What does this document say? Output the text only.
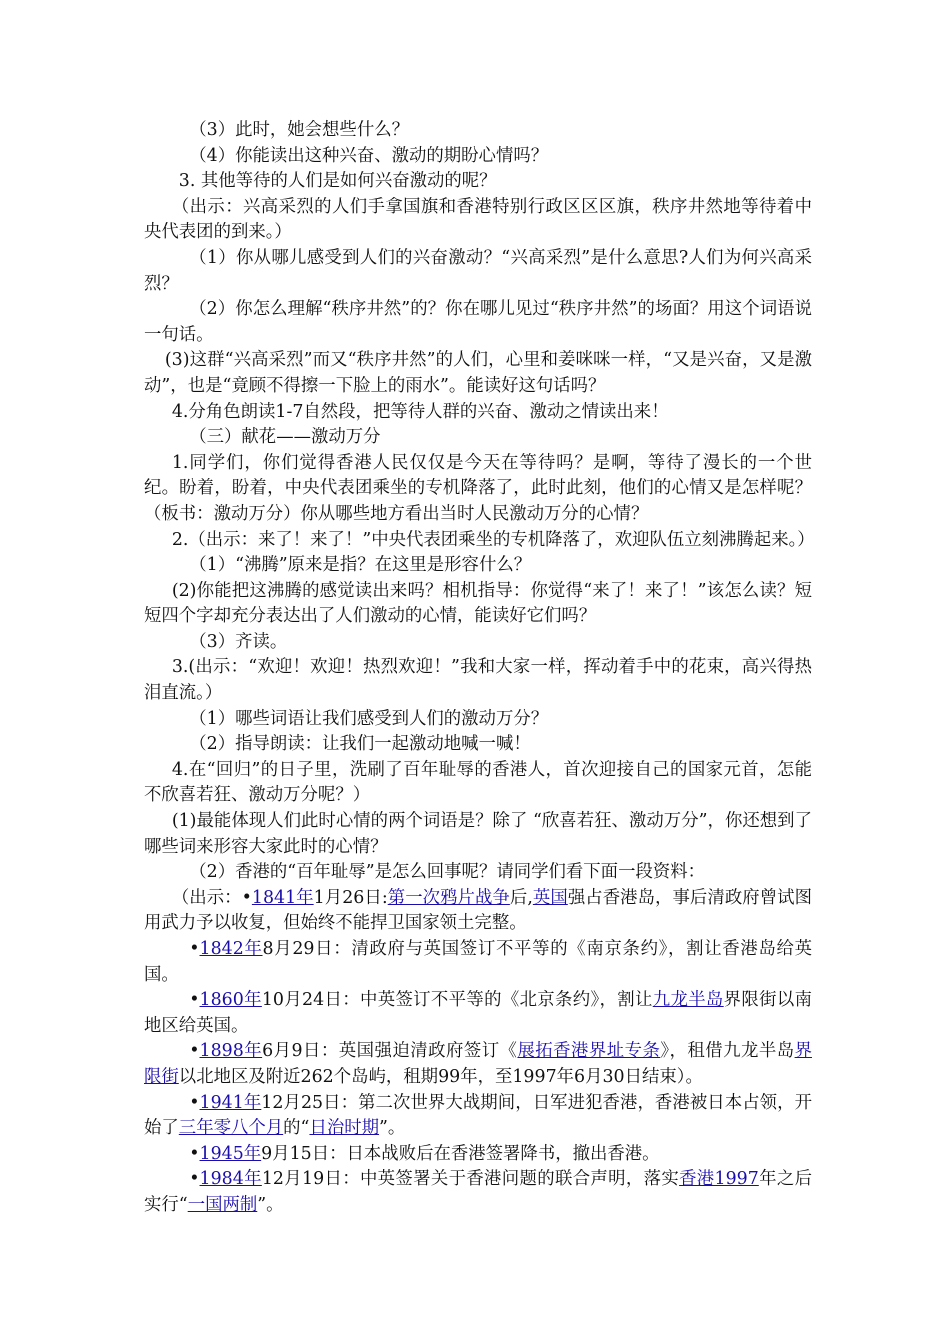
（3）此时，她会想些什么？

（4）你能读出这种兴奋、激动的期盼心情吗？

3. 其他等待的人们是如何兴奋激动的呢？

（出示：兴高采烈的人们手拿国旗和香港特别行政区区区旗，秩序井然地等待着中央代表团的到来。）

（1）你从哪儿感受到人们的兴奋激动？“兴高采烈”是什么意思?人们为何兴高采烈？

（2）你怎么理解“秩序井然”的？你在哪儿见过“秩序井然”的场面？用这个词语说一句话。

(3)这群“兴高采烈”而又“秩序井然”的人们，心里和姜咪咪一样，“又是兴奋，又是激动”，也是“竟顾不得擦一下脸上的雨水”。能读好这句话吗？

4.分角色朗读1-7自然段，把等待人群的兴奋、激动之情读出来！

（三）献花——激动万分

1.同学们，你们觉得香港人民仅仅是今天在等待吗？是啊，等待了漫长的一个世纪。盼着，盼着，中央代表团乘坐的专机降落了，此时此刻，他们的心情又是怎样呢？（板书：激动万分）你从哪些地方看出当时人民激动万分的心情？

2.（出示：来了！来了！”中央代表团乘坐的专机降落了，欢迎队伍立刻沸腾起来。）

（1）“沸腾”原来是指？在这里是形容什么？

(2)你能把这沸腾的感觉读出来吗？相机指导：你觉得“来了！来了！”该怎么读？短短四个字却充分表达出了人们激动的心情，能读好它们吗？

（3）齐读。

3.(出示：“欢迎！欢迎！热烈欢迎！”我和大家一样，挥动着手中的花束，高兴得热泪直流。）

（1）哪些词语让我们感受到人们的激动万分？

（2）指导朗读：让我们一起激动地喊一喊！

4.在“回归”的日子里，洗刷了百年耻辱的香港人，首次迎接自己的国家元首，怎能不欣喜若狂、激动万分呢？）

(1)最能体现人们此时心情的两个词语是？除了 “欣喜若狂、激动万分”，你还想到了哪些词来形容大家此时的心情？

（2）香港的“百年耻辱”是怎么回事呢？请同学们看下面一段资料：

（出示：•1841年1月26日:第一次鸦片战争后,英国强占香港岛，事后清政府曾试图用武力予以收复，但始终不能捍卫国家领土完整。

•1842年8月29日：清政府与英国签订不平等的《南京条约》，割让香港岛给英国。

•1860年10月24日：中英签订不平等的《北京条约》，割让九龙半岛界限街以南地区给英国。

•1898年6月9日：英国强迫清政府签订《展拓香港界址专条》，租借九龙半岛界限街以北地区及附近262个岛屿，租期99年，至1997年6月30日结束）。

•1941年12月25日：第二次世界大战期间，日军进犯香港，香港被日本占领，开始了三年零八个月的“日治时期”。

•1945年9月15日：日本战败后在香港签署降书，撤出香港。

•1984年12月19日：中英签署关于香港问题的联合声明，落实香港1997年之后实行“一国两制”。
